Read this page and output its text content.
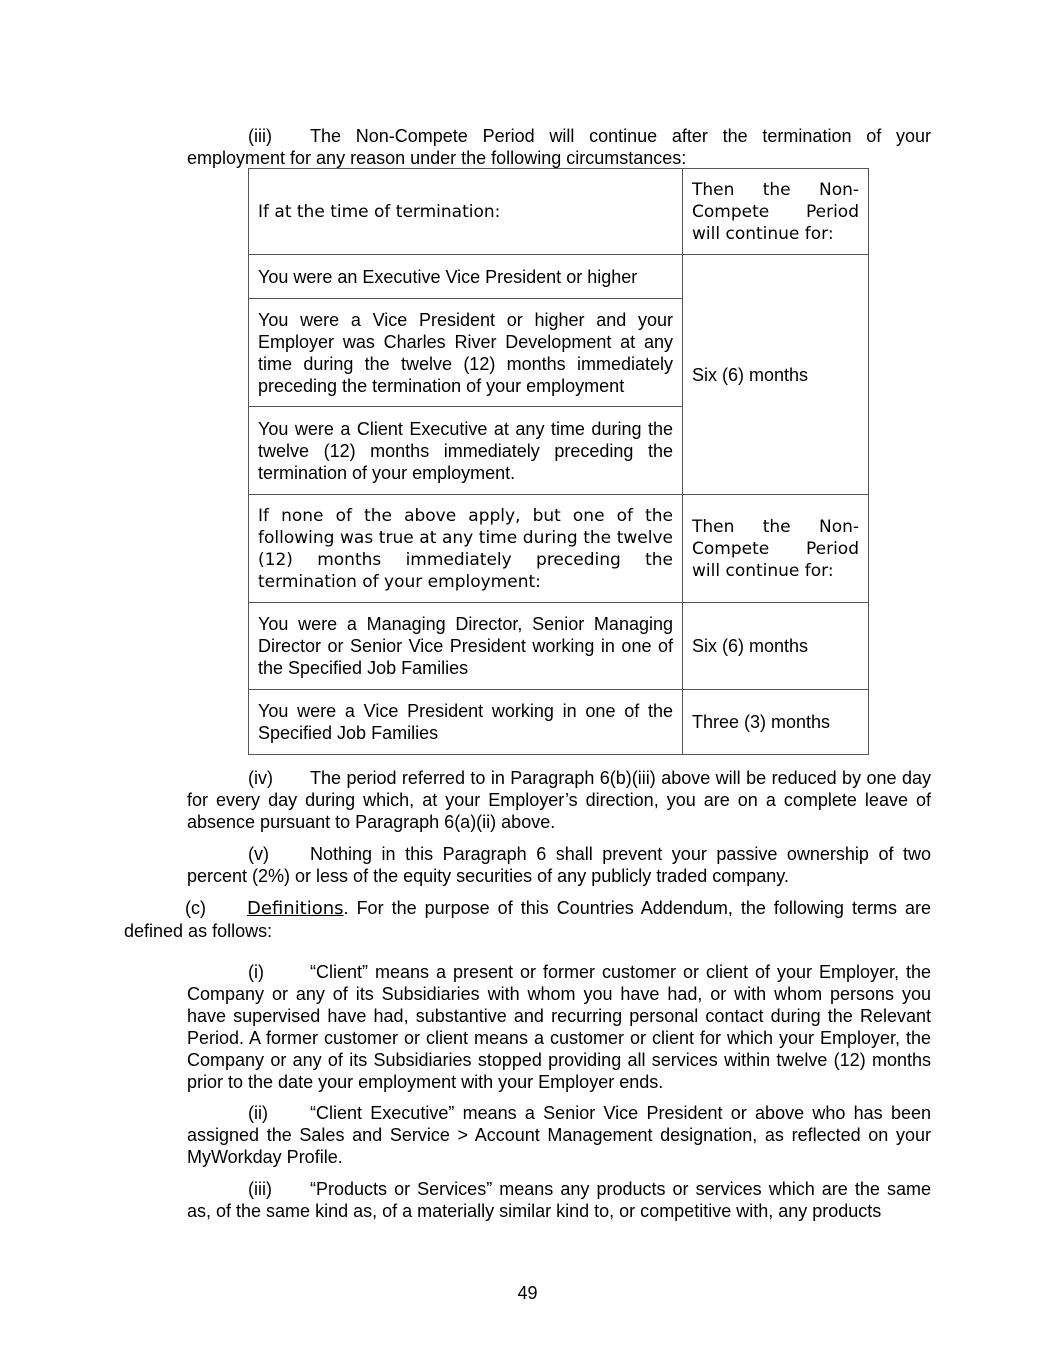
(iii) The Non-Compete Period will continue after the termination of your employment for any reason under the following circumstances:

If at the time of termination:	Then the Non-Compete Period will continue for:
You were an Executive Vice President or higher	Six (6) months
You were a Vice President or higher and your Employer was Charles River Development at any time during the twelve (12) months immediately preceding the termination of your employment	
You were a Client Executive at any time during the twelve (12) months immediately preceding the termination of your employment.	
If none of the above apply, but one of the following was true at any time during the twelve (12) months immediately preceding the termination of your employment:	Then the Non-Compete Period will continue for:
You were a Managing Director, Senior Managing Director or Senior Vice President working in one of the Specified Job Families	Six (6) months
You were a Vice President working in one of the Specified Job Families	Three (3) months

(iv) The period referred to in Paragraph 6(b)(iii) above will be reduced by one day for every day during which, at your Employer’s direction, you are on a complete leave of absence pursuant to Paragraph 6(a)(ii) above.

(v) Nothing in this Paragraph 6 shall prevent your passive ownership of two percent (2%) or less of the equity securities of any publicly traded company.

(c) Definitions. For the purpose of this Countries Addendum, the following terms are defined as follows:

(i)	“Client” means a present or former customer or client of your Employer, the Company or any of its Subsidiaries with whom you have had, or with whom persons you have supervised have had, substantive and recurring personal contact during the Relevant Period. A former customer or client means a customer or client for which your Employer, the Company or any of its Subsidiaries stopped providing all services within twelve (12) months prior to the date your employment with your Employer ends.

(ii) “Client Executive” means a Senior Vice President or above who has been assigned the Sales and Service > Account Management designation, as reflected on your MyWorkday Profile.

(iii) “Products or Services” means any products or services which are the same as, of the same kind as, of a materially similar kind to, or competitive with, any products

49
